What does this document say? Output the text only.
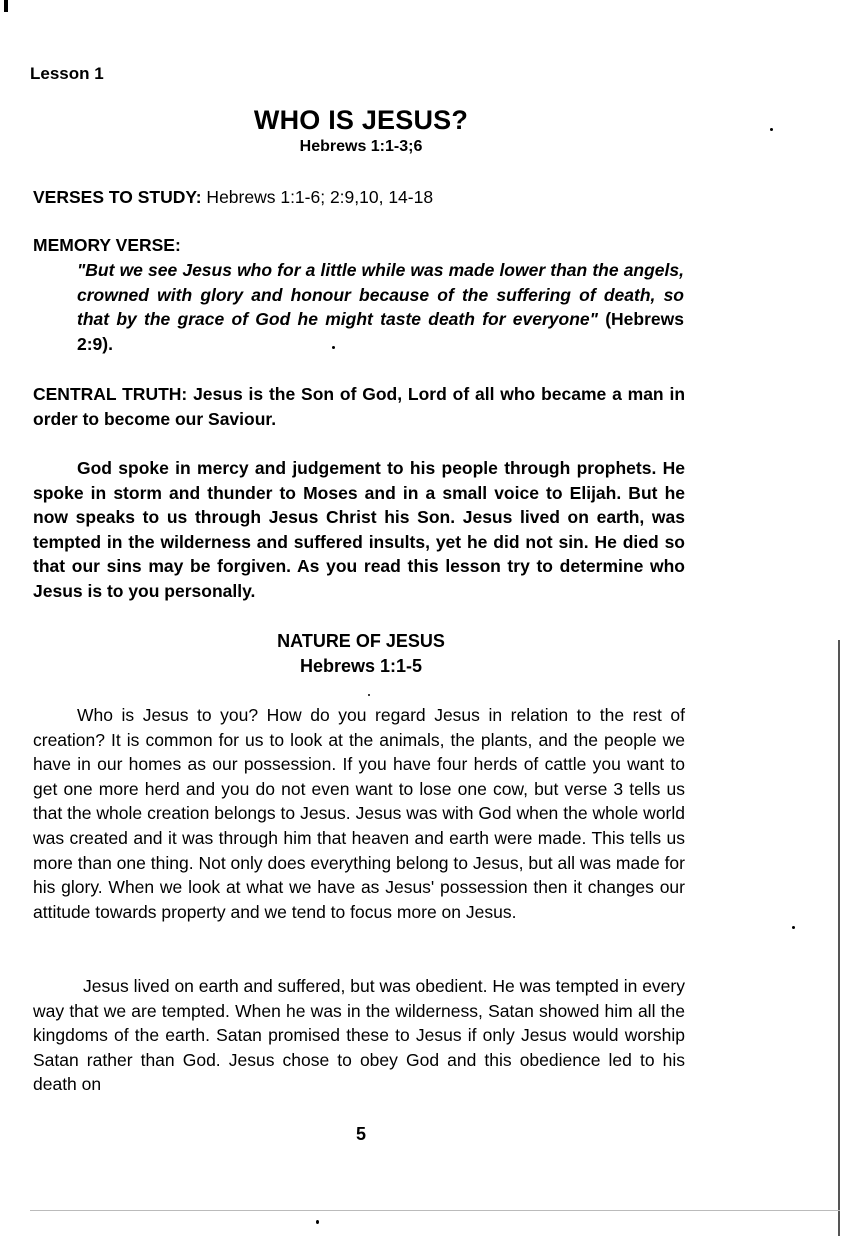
Lesson 1
WHO IS JESUS?
Hebrews 1:1-3;6
VERSES TO STUDY: Hebrews 1:1-6; 2:9,10, 14-18
MEMORY VERSE:
"But we see Jesus who for a little while was made lower than the angels, crowned with glory and honour because of the suffering of death, so that by the grace of God he might taste death for everyone" (Hebrews 2:9).
CENTRAL TRUTH: Jesus is the Son of God, Lord of all who became a man in order to become our Saviour.
God spoke in mercy and judgement to his people through prophets. He spoke in storm and thunder to Moses and in a small voice to Elijah. But he now speaks to us through Jesus Christ his Son. Jesus lived on earth, was tempted in the wilderness and suffered insults, yet he did not sin. He died so that our sins may be forgiven. As you read this lesson try to determine who Jesus is to you personally.
NATURE OF JESUS
Hebrews 1:1-5
Who is Jesus to you? How do you regard Jesus in relation to the rest of creation? It is common for us to look at the animals, the plants, and the people we have in our homes as our possession. If you have four herds of cattle you want to get one more herd and you do not even want to lose one cow, but verse 3 tells us that the whole creation belongs to Jesus. Jesus was with God when the whole world was created and it was through him that heaven and earth were made. This tells us more than one thing. Not only does everything belong to Jesus, but all was made for his glory. When we look at what we have as Jesus' possession then it changes our attitude towards property and we tend to focus more on Jesus.
Jesus lived on earth and suffered, but was obedient. He was tempted in every way that we are tempted. When he was in the wilderness, Satan showed him all the kingdoms of the earth. Satan promised these to Jesus if only Jesus would worship Satan rather than God. Jesus chose to obey God and this obedience led to his death on
5
